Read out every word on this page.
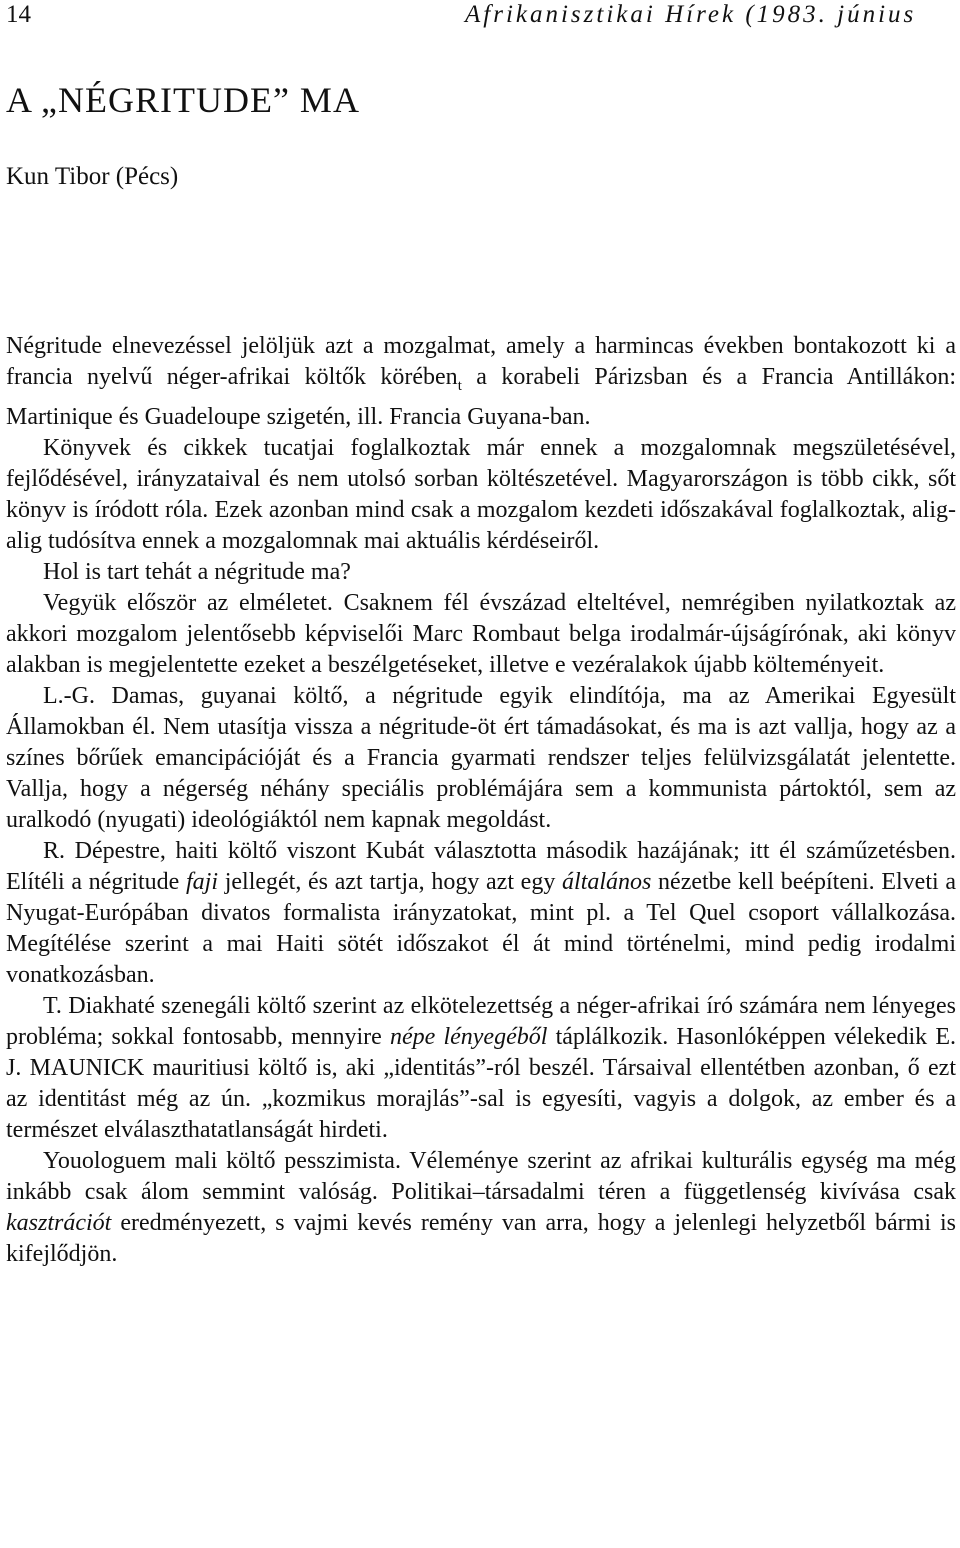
14	Afrikanisztikai Hírek (1983. június
A „NÉGRITUDE” MA
Kun Tibor (Pécs)

Négritude elnevezéssel jelöljük azt a mozgalmat, amely a harmincas években bontakozott ki a francia nyelvű néger-afrikai költők körében$_t$ a korabeli Párizsban és a Francia Antillákon: Martinique és Guadeloupe szigetén, ill. Francia Guyana-ban.

Könyvek és cikkek tucatjai foglalkoztak már ennek a mozgalomnak megszületésével, fejlődésével, irányzataival és nem utolsó sorban költészetével. Magyarországon is több cikk, sőt könyv is íródott róla. Ezek azonban mind csak a mozgalom kezdeti időszakával foglalkoztak, alig-alig tudósítva ennek a mozgalomnak mai aktuális kérdéseiről.

Hol is tart tehát a négritude ma?

Vegyük először az elméletet. Csaknem fél évszázad elteltével, nemrégiben nyilatkoztak az akkori mozgalom jelentősebb képviselői Marc Rombaut belga irodalmár-újságírónak, aki könyv alakban is megjelentette ezeket a beszélgetéseket, illetve e vezéralakok újabb költeményeit.

L.-G. Damas, guyanai költő, a négritude egyik elindítója, ma az Amerikai Egyesült Államokban él. Nem utasítja vissza a négritude-öt ért támadásokat, és ma is azt vallja, hogy az a színes bőrűek emancipációját és a Francia gyarmati rendszer teljes felülvizsgálatát jelentette. Vallja, hogy a négerség néhány speciális problémájára sem a kommunista pártoktól, sem az uralkodó (nyugati) ideológiáktól nem kapnak megoldást.

R. Dépestre, haiti költő viszont Kubát választotta második hazájának; itt él száműzetésben. Elítéli a négritude faji jellegét, és azt tartja, hogy azt egy általános nézetbe kell beépíteni. Elveti a Nyugat-Európában divatos formalista irányzatokat, mint pl. a Tel Quel csoport vállalkozása. Megítélése szerint a mai Haiti sötét időszakot él át mind történelmi, mind pedig irodalmi vonatkozásban.

T. Diakhaté szenegáli költő szerint az elkötelezettség a néger-afrikai író számára nem lényeges probléma; sokkal fontosabb, mennyire népe lényegéből táplálkozik. Hasonlóképpen vélekedik E. J. MAUNICK mauritiusi költő is, aki „identitás”-ról beszél. Társaival ellentétben azonban, ő ezt az identitást még az ún. „kozmikus morajlás”-sal is egyesíti, vagyis a dolgok, az ember és a természet elválaszthatatlanságát hirdeti.

Youologuem mali költő pesszimista. Véleménye szerint az afrikai kulturális egység ma még inkább csak álom semmint valóság. Politikai–társadalmi téren a függetlenség kivívása csak kasztrációt eredményezett, s vajmi kevés remény van arra, hogy a jelenlegi helyzetből bármi is kifejlődjön.
